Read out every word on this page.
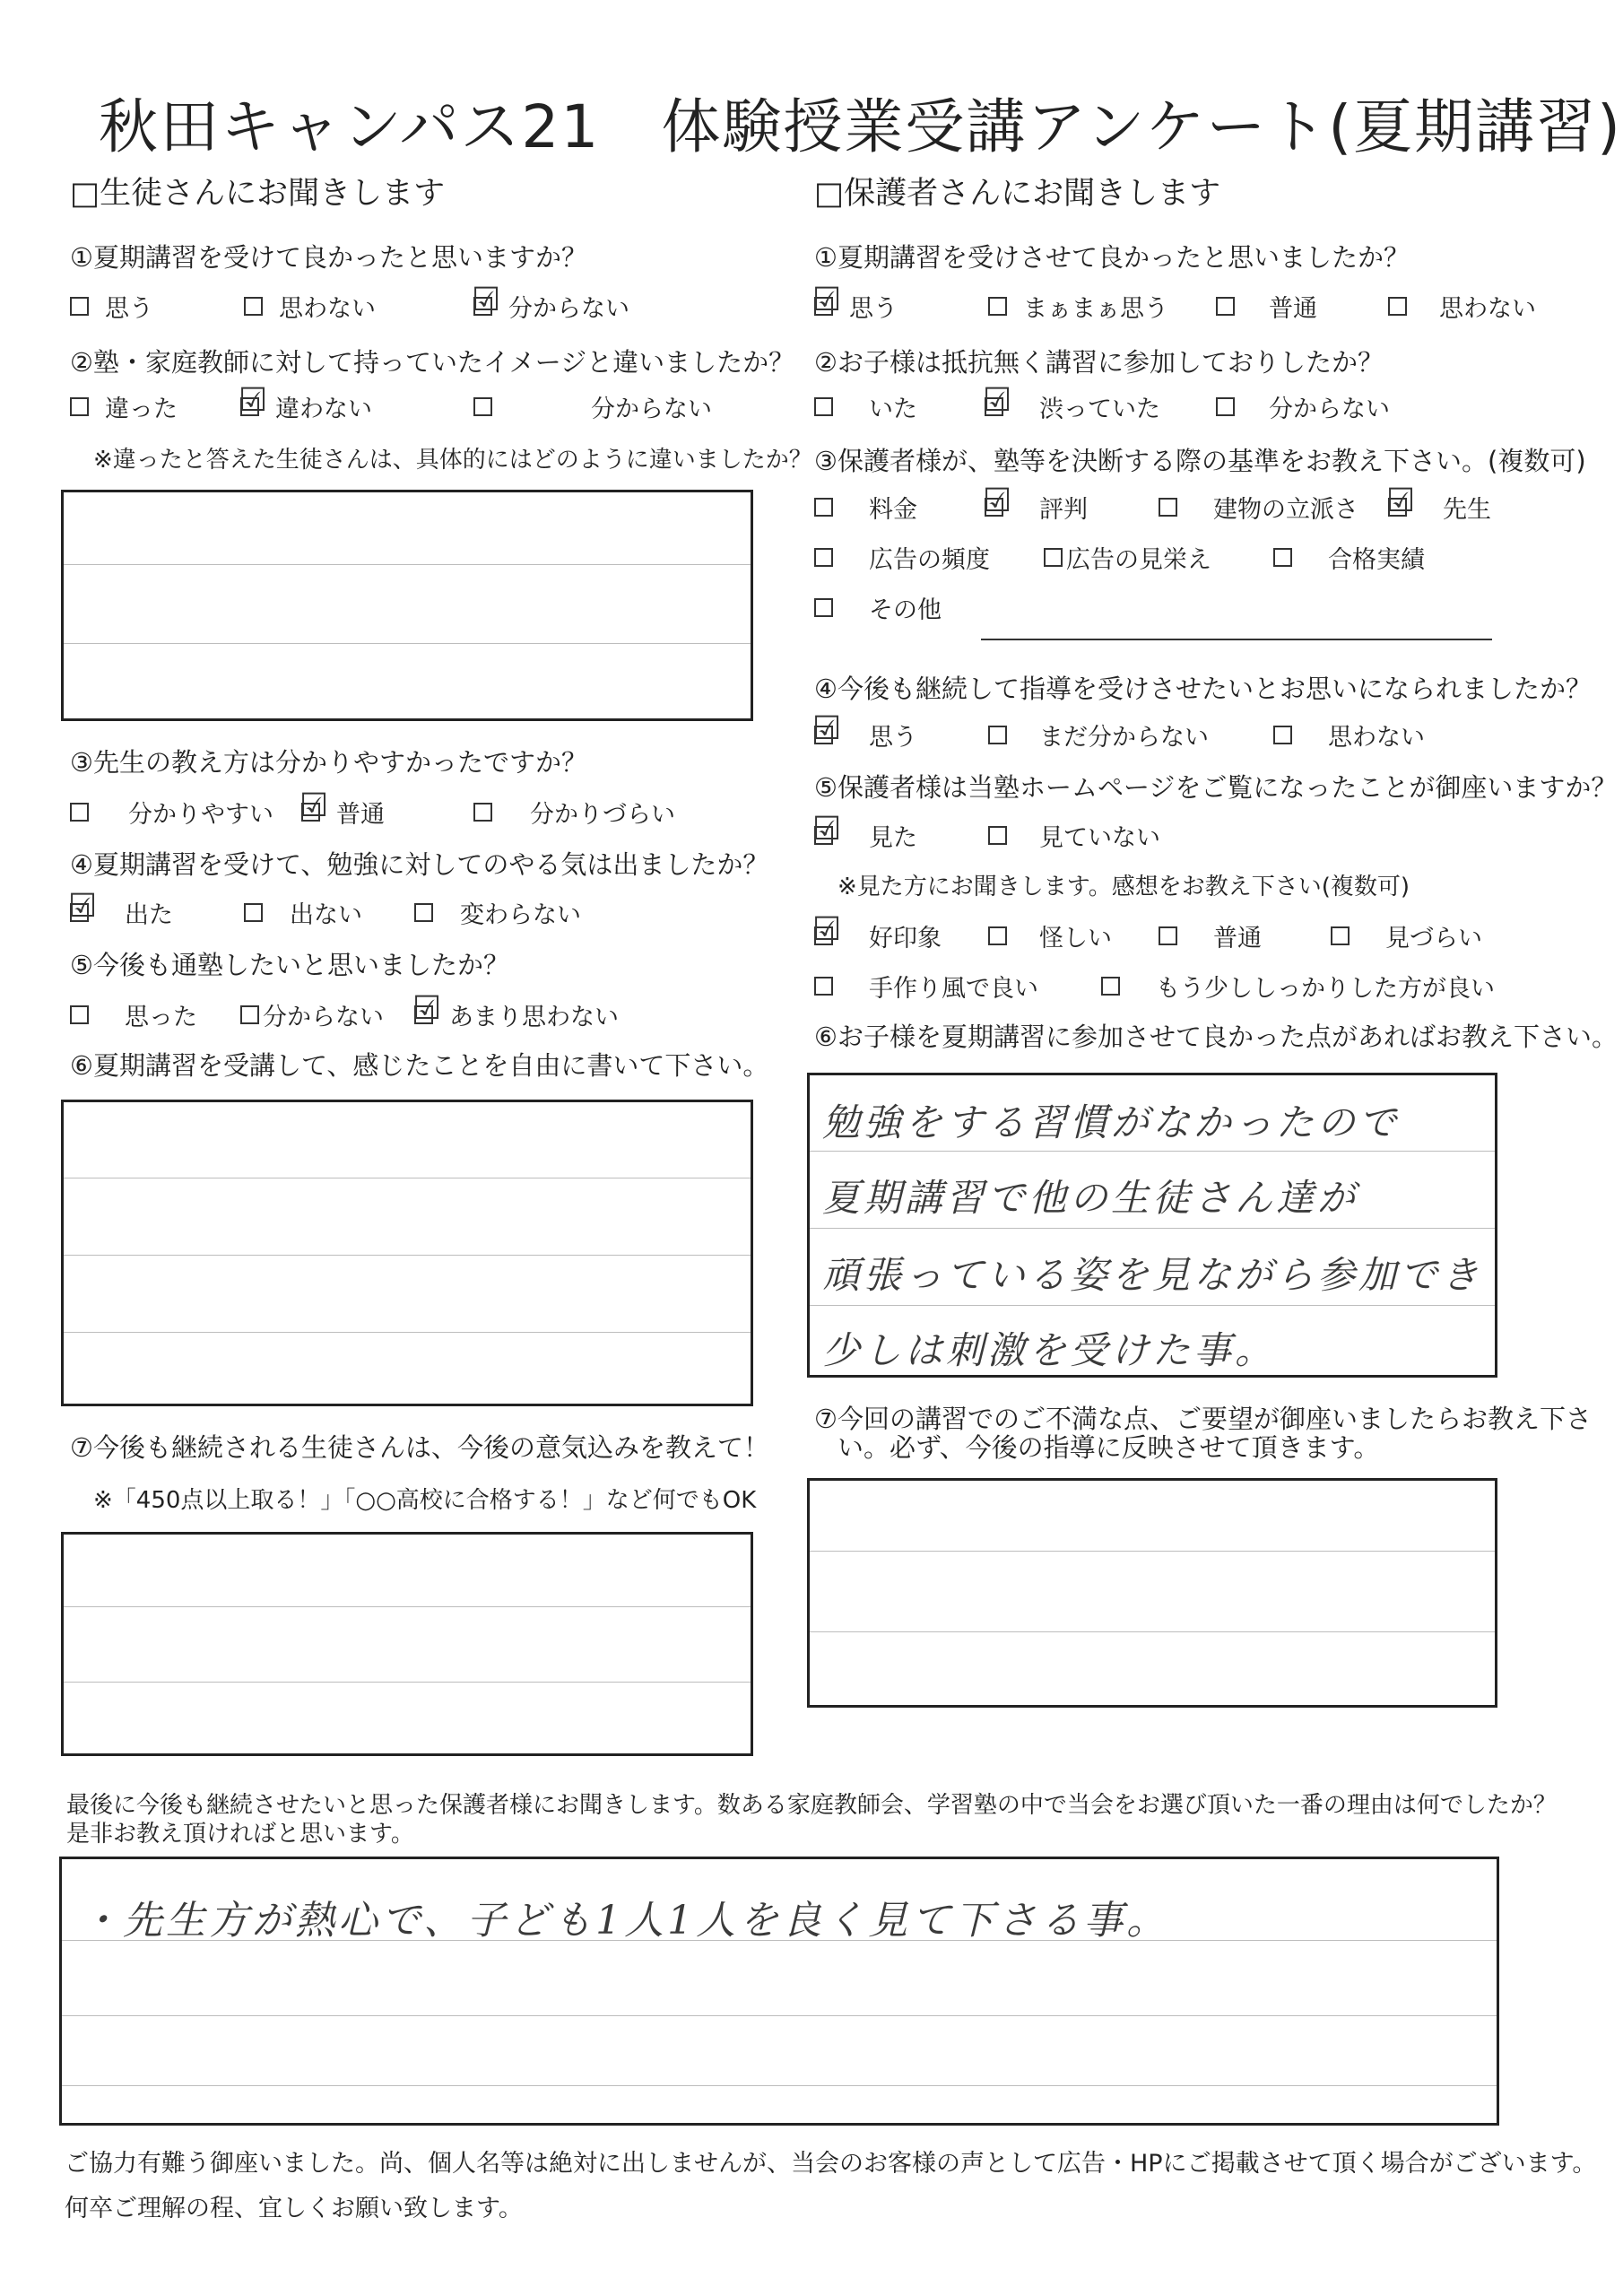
秋田キャンパス21　体験授業受講アンケート(夏期講習)
□生徒さんにお聞きします
①夏期講習を受けて良かったと思いますか？
思う	思わない	☑ 分からない
②塾・家庭教師に対して持っていたイメージと違いましたか？
違った ☑ 違わない	分からない
※違ったと答えた生徒さんは、具体的にはどのように違いましたか？
③先生の教え方は分かりやすかったですか？
分かりやすい ☑ 普通	分かりづらい
④夏期講習を受けて、勉強に対してのやる気は出ましたか？
☑ 出た	出ない	変わらない
⑤今後も通塾したいと思いましたか？
思った	分からない ☑ あまり思わない
⑥夏期講習を受講して、感じたことを自由に書いて下さい。
⑦今後も継続される生徒さんは、今後の意気込みを教えて！
※「450点以上取る！」「○○高校に合格する！」など何でもOK
□保護者さんにお聞きします
①夏期講習を受けさせて良かったと思いましたか？
☑ 思う	まぁまぁ思う	普通	思わない
②お子様は抵抗無く講習に参加しておりしたか？
いた ☑ 渋っていた	分からない
③保護者様が、塾等を決断する際の基準をお教え下さい。(複数可)
料金 ☑ 評判	建物の立派さ ☑ 先生
広告の頻度	広告の見栄え	合格実績
その他
④今後も継続して指導を受けさせたいとお思いになられましたか？
☑ 思う	まだ分からない	思わない
⑤保護者様は当塾ホームページをご覧になったことが御座いますか？
☑ 見た	見ていない
※見た方にお聞きします。感想をお教え下さい(複数可)
☑ 好印象	怪しい	普通	見づらい
手作り風で良い	もう少ししっかりした方が良い
⑥お子様を夏期講習に参加させて良かった点があればお教え下さい。
勉強をする習慣がなかったので
夏期講習で他の生徒さん達が
頑張っている姿を見ながら参加でき
少しは刺激を受けた事。
⑦今回の講習でのご不満な点、ご要望が御座いましたらお教え下さ
い。必ず、今後の指導に反映させて頂きます。
最後に今後も継続させたいと思った保護者様にお聞きします。数ある家庭教師会、学習塾の中で当会をお選び頂いた一番の理由は何でしたか？
是非お教え頂ければと思います。
・先生方が熱心で、子ども1人1人を良く見て下さる事。
ご協力有難う御座いました。尚、個人名等は絶対に出しませんが、当会のお客様の声として広告・HPにご掲載させて頂く場合がございます。
何卒ご理解の程、宜しくお願い致します。
